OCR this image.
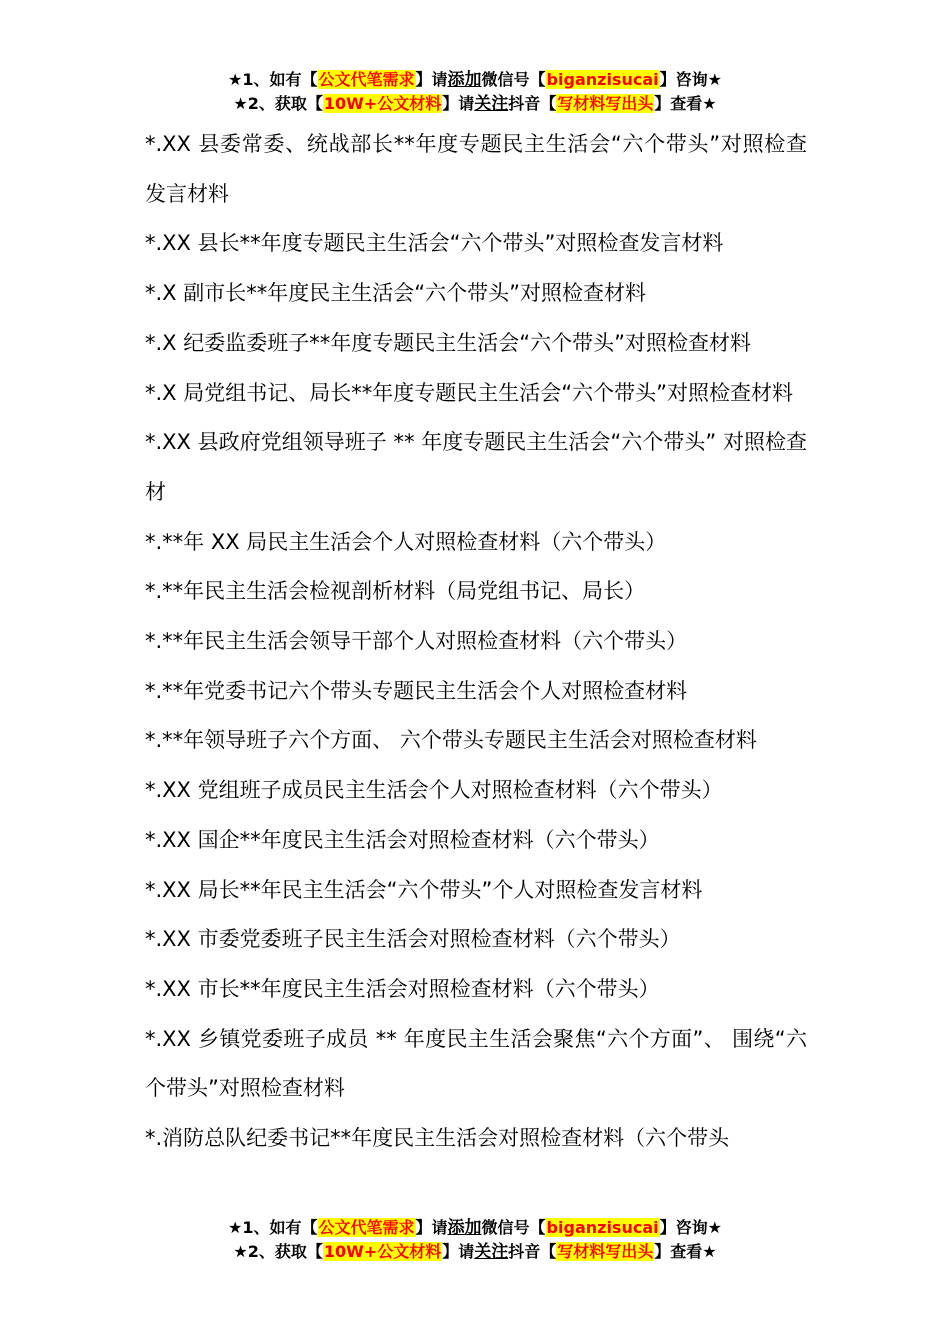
★1、如有【公文代笔需求】请添加微信号【biganzisucai】咨询★
★2、获取【10W+公文材料】请关注抖音【写材料写出头】查看★

*.XX 县委常委、统战部长**年度专题民主生活会“六个带头”对照检查发言材料

*.XX 县长**年度专题民主生活会“六个带头”对照检查发言材料

*.X 副市长**年度民主生活会“六个带头”对照检查材料

*.X 纪委监委班子**年度专题民主生活会“六个带头”对照检查材料

*.X 局党组书记、局长**年度专题民主生活会“六个带头”对照检查材料

*.XX 县政府党组领导班子 ** 年度专题民主生活会“六个带头” 对照检查材

*.**年 XX 局民主生活会个人对照检查材料（六个带头）

*.**年民主生活会检视剖析材料（局党组书记、局长）

*.**年民主生活会领导干部个人对照检查材料（六个带头）

*.**年党委书记六个带头专题民主生活会个人对照检查材料

*.**年领导班子六个方面、 六个带头专题民主生活会对照检查材料

*.XX 党组班子成员民主生活会个人对照检查材料（六个带头）

*.XX 国企**年度民主生活会对照检查材料（六个带头）

*.XX 局长**年民主生活会“六个带头”个人对照检查发言材料

*.XX 市委党委班子民主生活会对照检查材料（六个带头）

*.XX 市长**年度民主生活会对照检查材料（六个带头）

*.XX 乡镇党委班子成员 ** 年度民主生活会聚焦“六个方面”、 围绕“六个带头”对照检查材料

*.消防总队纪委书记**年度民主生活会对照检查材料（六个带头

★1、如有【公文代笔需求】请添加微信号【biganzisucai】咨询★
★2、获取【10W+公文材料】请关注抖音【写材料写出头】查看★
